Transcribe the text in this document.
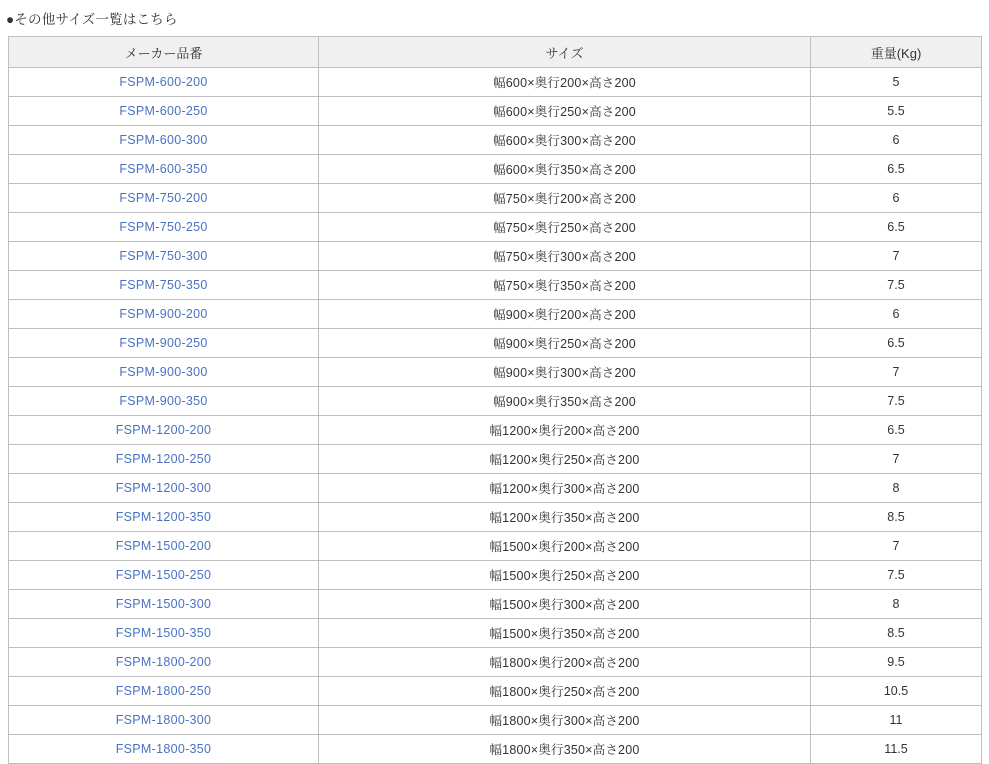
●その他サイズ一覧はこちら
メーカー品番	サイズ	重量(Kg)
FSPM-600-200	幅600×奥行200×高さ200	5
FSPM-600-250	幅600×奥行250×高さ200	5.5
FSPM-600-300	幅600×奥行300×高さ200	6
FSPM-600-350	幅600×奥行350×高さ200	6.5
FSPM-750-200	幅750×奥行200×高さ200	6
FSPM-750-250	幅750×奥行250×高さ200	6.5
FSPM-750-300	幅750×奥行300×高さ200	7
FSPM-750-350	幅750×奥行350×高さ200	7.5
FSPM-900-200	幅900×奥行200×高さ200	6
FSPM-900-250	幅900×奥行250×高さ200	6.5
FSPM-900-300	幅900×奥行300×高さ200	7
FSPM-900-350	幅900×奥行350×高さ200	7.5
FSPM-1200-200	幅1200×奥行200×高さ200	6.5
FSPM-1200-250	幅1200×奥行250×高さ200	7
FSPM-1200-300	幅1200×奥行300×高さ200	8
FSPM-1200-350	幅1200×奥行350×高さ200	8.5
FSPM-1500-200	幅1500×奥行200×高さ200	7
FSPM-1500-250	幅1500×奥行250×高さ200	7.5
FSPM-1500-300	幅1500×奥行300×高さ200	8
FSPM-1500-350	幅1500×奥行350×高さ200	8.5
FSPM-1800-200	幅1800×奥行200×高さ200	9.5
FSPM-1800-250	幅1800×奥行250×高さ200	10.5
FSPM-1800-300	幅1800×奥行300×高さ200	11
FSPM-1800-350	幅1800×奥行350×高さ200	11.5
